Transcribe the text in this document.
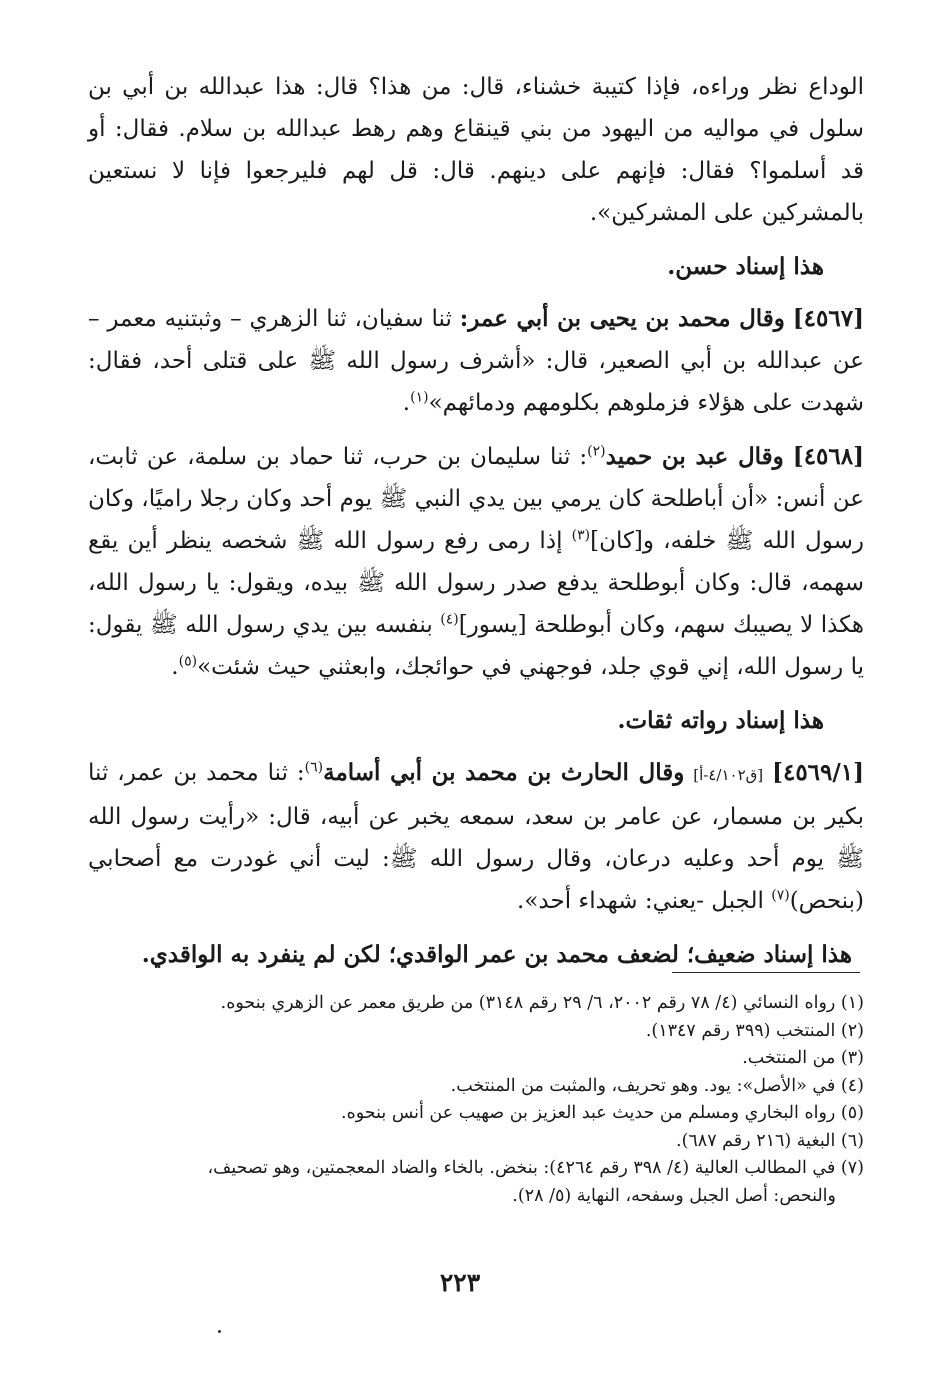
الوداع نظر وراءه، فإذا كتيبة خشناء، قال: من هذا؟ قال: هذا عبدالله بن أبي بن سلول في مواليه من اليهود من بني قينقاع وهم رهط عبدالله بن سلام. فقال: أو قد أسلموا؟ فقال: فإنهم على دينهم. قال: قل لهم فليرجعوا فإنا لا نستعين بالمشركين على المشركين».

هذا إسناد حسن.

[٤٥٦٧] وقال محمد بن يحيى بن أبي عمر: ثنا سفيان، ثنا الزهري – وثبتنيه معمر – عن عبدالله بن أبي الصعير، قال: «أشرف رسول الله ﷺ على قتلى أحد، فقال: شهدت على هؤلاء فزملوهم بكلومهم ودمائهم»$^{(١)}$.

[٤٥٦٨] وقال عبد بن حميد$^{(٢)}$: ثنا سليمان بن حرب، ثنا حماد بن سلمة، عن ثابت، عن أنس: «أن أباطلحة كان يرمي بين يدي النبي ﷺ يوم أحد وكان رجلا راميًا، وكان رسول الله ﷺ خلفه، و[كان]$^{(٣)}$ إذا رمى رفع رسول الله ﷺ شخصه ينظر أين يقع سهمه، قال: وكان أبوطلحة يدفع صدر رسول الله ﷺ بيده، ويقول: يا رسول الله، هكذا لا يصيبك سهم، وكان أبوطلحة [يسور]$^{(٤)}$ بنفسه بين يدي رسول الله ﷺ يقول: يا رسول الله، إني قوي جلد، فوجهني في حوائجك، وابعثني حيث شئت»$^{(٥)}$.

هذا إسناد رواته ثقات.

[٤٥٦٩/١] [ق٤/١٠٢-أ] وقال الحارث بن محمد بن أبي أسامة$^{(٦)}$: ثنا محمد بن عمر، ثنا بكير بن مسمار، عن عامر بن سعد، سمعه يخبر عن أبيه، قال: «رأيت رسول الله ﷺ يوم أحد وعليه درعان، وقال رسول الله ﷺ: ليت أني غودرت مع أصحابي (بنحص)$^{(٧)}$ الجبل -يعني: شهداء أحد».

هذا إسناد ضعيف؛ لضعف محمد بن عمر الواقدي؛ لكن لم ينفرد به الواقدي.

(١) رواه النسائي (٤/ ٧٨ رقم ٢٠٠٢، ٦/ ٢٩ رقم ٣١٤٨) من طريق معمر عن الزهري بنحوه.

(٢) المنتخب (٣٩٩ رقم ١٣٤٧).

(٣) من المنتخب.

(٤) في «الأصل»: يود. وهو تحريف، والمثبت من المنتخب.

(٥) رواه البخاري ومسلم من حديث عبد العزيز بن صهيب عن أنس بنحوه.

(٦) البغية (٢١٦ رقم ٦٨٧).

(٧) في المطالب العالية (٤/ ٣٩٨ رقم ٤٢٦٤): بنخض. بالخاء والضاد المعجمتين، وهو تصحيف،
والنحص: أصل الجبل وسفحه، النهاية (٥/ ٢٨).

٢٢٣
